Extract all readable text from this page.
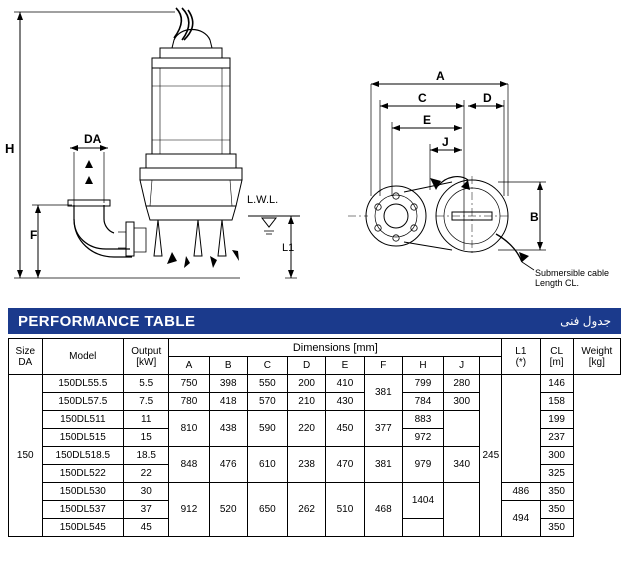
H
F
DA
L.W.L.
L1
A
C	D
E
J
B
Submersible cable
Length CL.
PERFORMANCE TABLE	جدول فنی
Size
DA	Model	Output
[kW]
	Dimensions [mm]	L1
(*)

CL
[m]

Weight
[kg]

			A	B	C	D	E	F	H	J			
150	150DL55.5	5.5	750	398	550	200	410	381	799	280	245		146	
	150DL57.5	7.5	780	418	570	210	430		784	300			158	
	150DL511	11	810	438	590	220	450	377	883				199	
	150DL515	15							972				237	
	150DL518.5	18.5	848	476	610	238	470	381	979	340			300	
	150DL522	22											325	
	150DL530	30	912	520	650	262	510	468	1404			486	350	
	150DL537	37										494	350	
	150DL545	45											350	
